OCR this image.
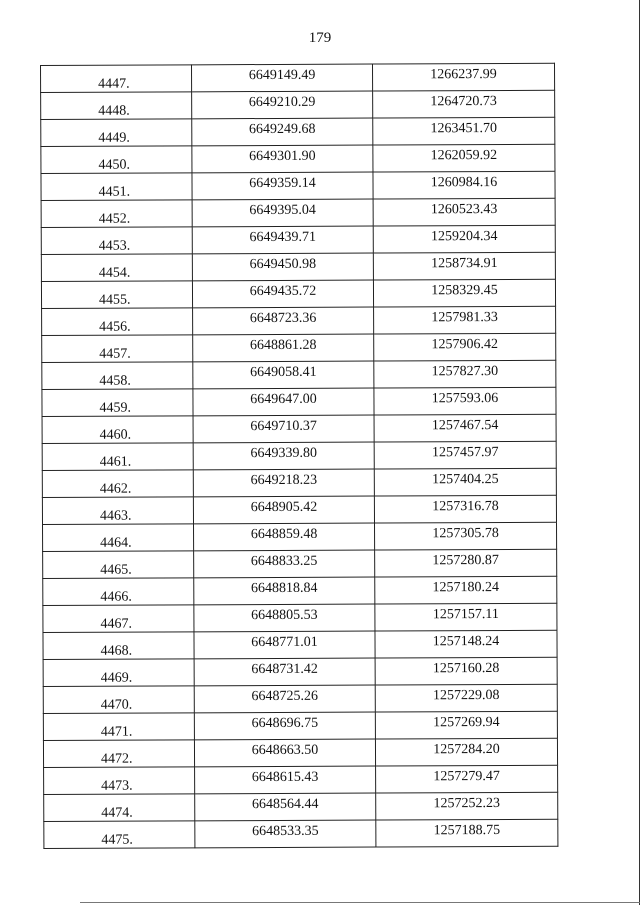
179
4447.	6649149.49	1266237.99
4448.	6649210.29	1264720.73
4449.	6649249.68	1263451.70
4450.	6649301.90	1262059.92
4451.	6649359.14	1260984.16
4452.	6649395.04	1260523.43
4453.	6649439.71	1259204.34
4454.	6649450.98	1258734.91
4455.	6649435.72	1258329.45
4456.	6648723.36	1257981.33
4457.	6648861.28	1257906.42
4458.	6649058.41	1257827.30
4459.	6649647.00	1257593.06
4460.	6649710.37	1257467.54
4461.	6649339.80	1257457.97
4462.	6649218.23	1257404.25
4463.	6648905.42	1257316.78
4464.	6648859.48	1257305.78
4465.	6648833.25	1257280.87
4466.	6648818.84	1257180.24
4467.	6648805.53	1257157.11
4468.	6648771.01	1257148.24
4469.	6648731.42	1257160.28
4470.	6648725.26	1257229.08
4471.	6648696.75	1257269.94
4472.	6648663.50	1257284.20
4473.	6648615.43	1257279.47
4474.	6648564.44	1257252.23
4475.	6648533.35	1257188.75
